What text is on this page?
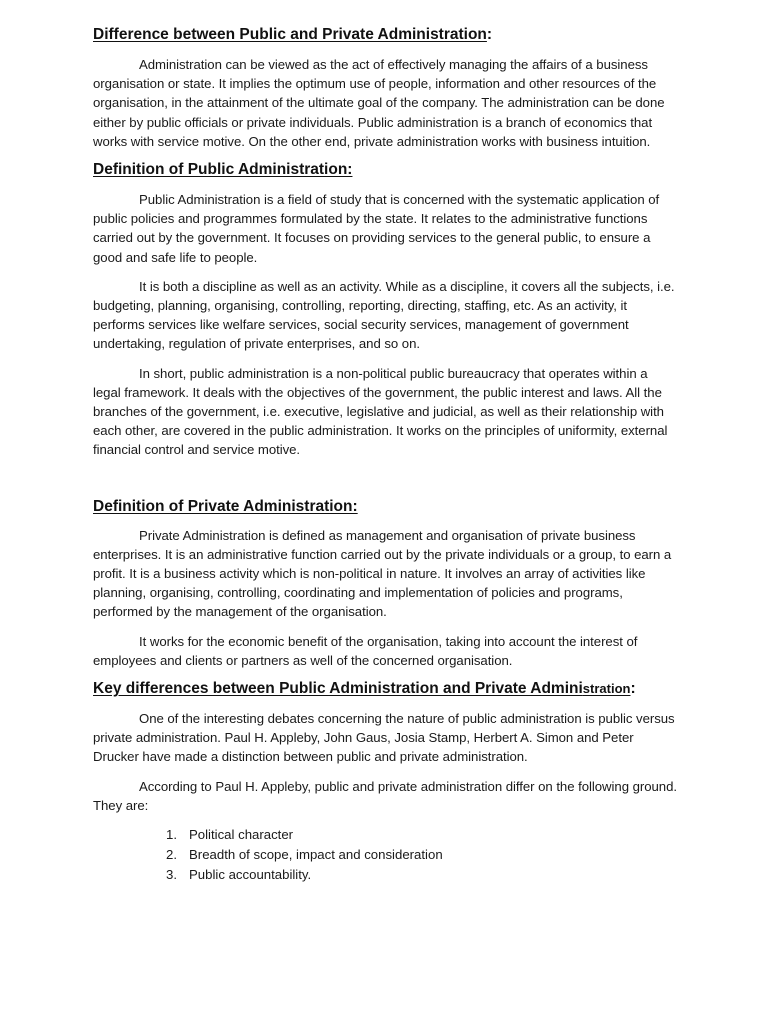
Difference between Public and Private Administration:

Administration can be viewed as the act of effectively managing the affairs of a business organisation or state. It implies the optimum use of people, information and other resources of the organisation, in the attainment of the ultimate goal of the company. The administration can be done either by public officials or private individuals. Public administration is a branch of economics that works with service motive. On the other end, private administration works with business intuition.

Definition of Public Administration:

Public Administration is a field of study that is concerned with the systematic application of public policies and programmes formulated by the state. It relates to the administrative functions carried out by the government. It focuses on providing services to the general public, to ensure a good and safe life to people.

It is both a discipline as well as an activity. While as a discipline, it covers all the subjects, i.e. budgeting, planning, organising, controlling, reporting, directing, staffing, etc. As an activity, it performs services like welfare services, social security services, management of government undertaking, regulation of private enterprises, and so on.

In short, public administration is a non-political public bureaucracy that operates within a legal framework. It deals with the objectives of the government, the public interest and laws. All the branches of the government, i.e. executive, legislative and judicial, as well as their relationship with each other, are covered in the public administration. It works on the principles of uniformity, external financial control and service motive.

Definition of Private Administration:

Private Administration is defined as management and organisation of private business enterprises. It is an administrative function carried out by the private individuals or a group, to earn a profit. It is a business activity which is non-political in nature. It involves an array of activities like planning, organising, controlling, coordinating and implementation of policies and programs, performed by the management of the organisation.

It works for the economic benefit of the organisation, taking into account the interest of employees and clients or partners as well of the concerned organisation.

Key differences between Public Administration and Private Administration:

One of the interesting debates concerning the nature of public administration is public versus private administration. Paul H. Appleby, John Gaus, Josia Stamp, Herbert A. Simon and Peter Drucker have made a distinction between public and private administration.

According to Paul H. Appleby, public and private administration differ on the following ground. They are:

1. Political character
2. Breadth of scope, impact and consideration
3. Public accountability.
